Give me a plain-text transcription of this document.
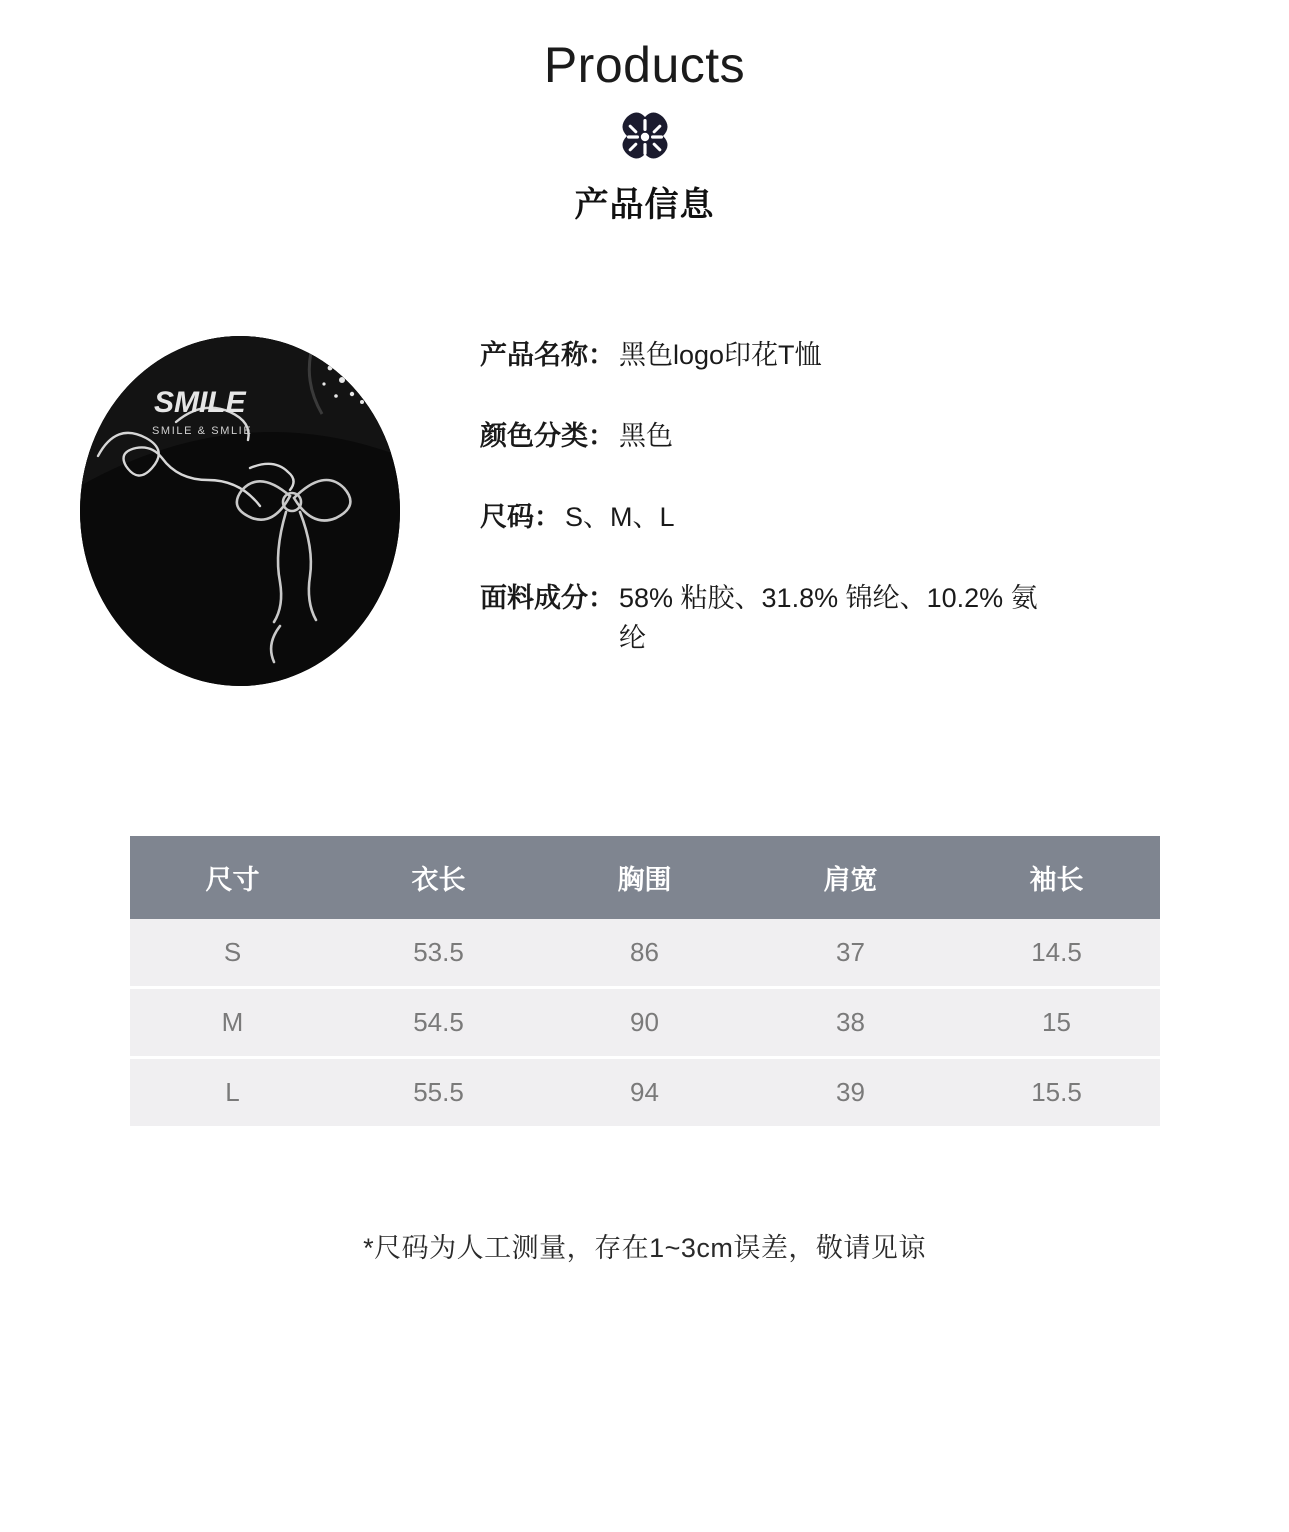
Products
产品信息
SMILE
SMILE & SMLIE
产品名称： 黑色logo印花T恤
颜色分类： 黑色
尺码： S、M、L
面料成分： 58% 粘胶、31.8% 锦纶、10.2% 氨纶
尺寸	衣长	胸围	肩宽	袖长
S	53.5	86	37	14.5
M	54.5	90	38	15
L	55.5	94	39	15.5
*尺码为人工测量，存在1~3cm误差，敬请见谅
